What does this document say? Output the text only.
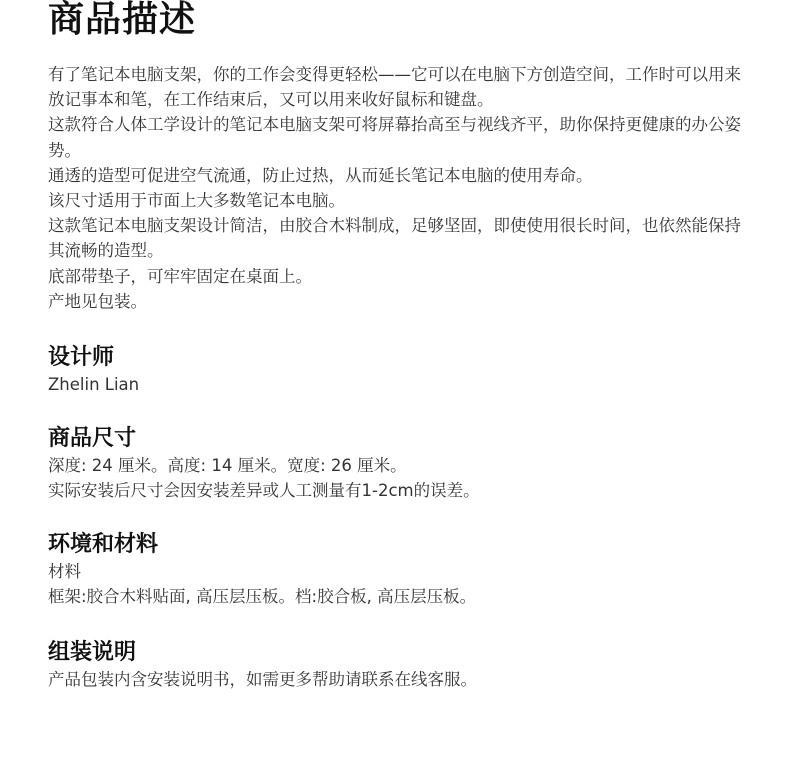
商品描述

有了笔记本电脑支架，你的工作会变得更轻松——它可以在电脑下方创造空间，工作时可以用来放记事本和笔，在工作结束后，又可以用来收好鼠标和键盘。

这款符合人体工学设计的笔记本电脑支架可将屏幕抬高至与视线齐平，助你保持更健康的办公姿势。

通透的造型可促进空气流通，防止过热，从而延长笔记本电脑的使用寿命。

该尺寸适用于市面上大多数笔记本电脑。

这款笔记本电脑支架设计简洁，由胶合木料制成，足够坚固，即使使用很长时间，也依然能保持其流畅的造型。

底部带垫子，可牢牢固定在桌面上。

产地见包装。

设计师

Zhelin Lian

商品尺寸

深度: 24 厘米。高度: 14 厘米。宽度: 26 厘米。

实际安装后尺寸会因安装差异或人工测量有1-2cm的误差。

环境和材料

材料

框架:胶合木料贴面, 高压层压板。档:胶合板, 高压层压板。

组装说明

产品包装内含安装说明书，如需更多帮助请联系在线客服。
